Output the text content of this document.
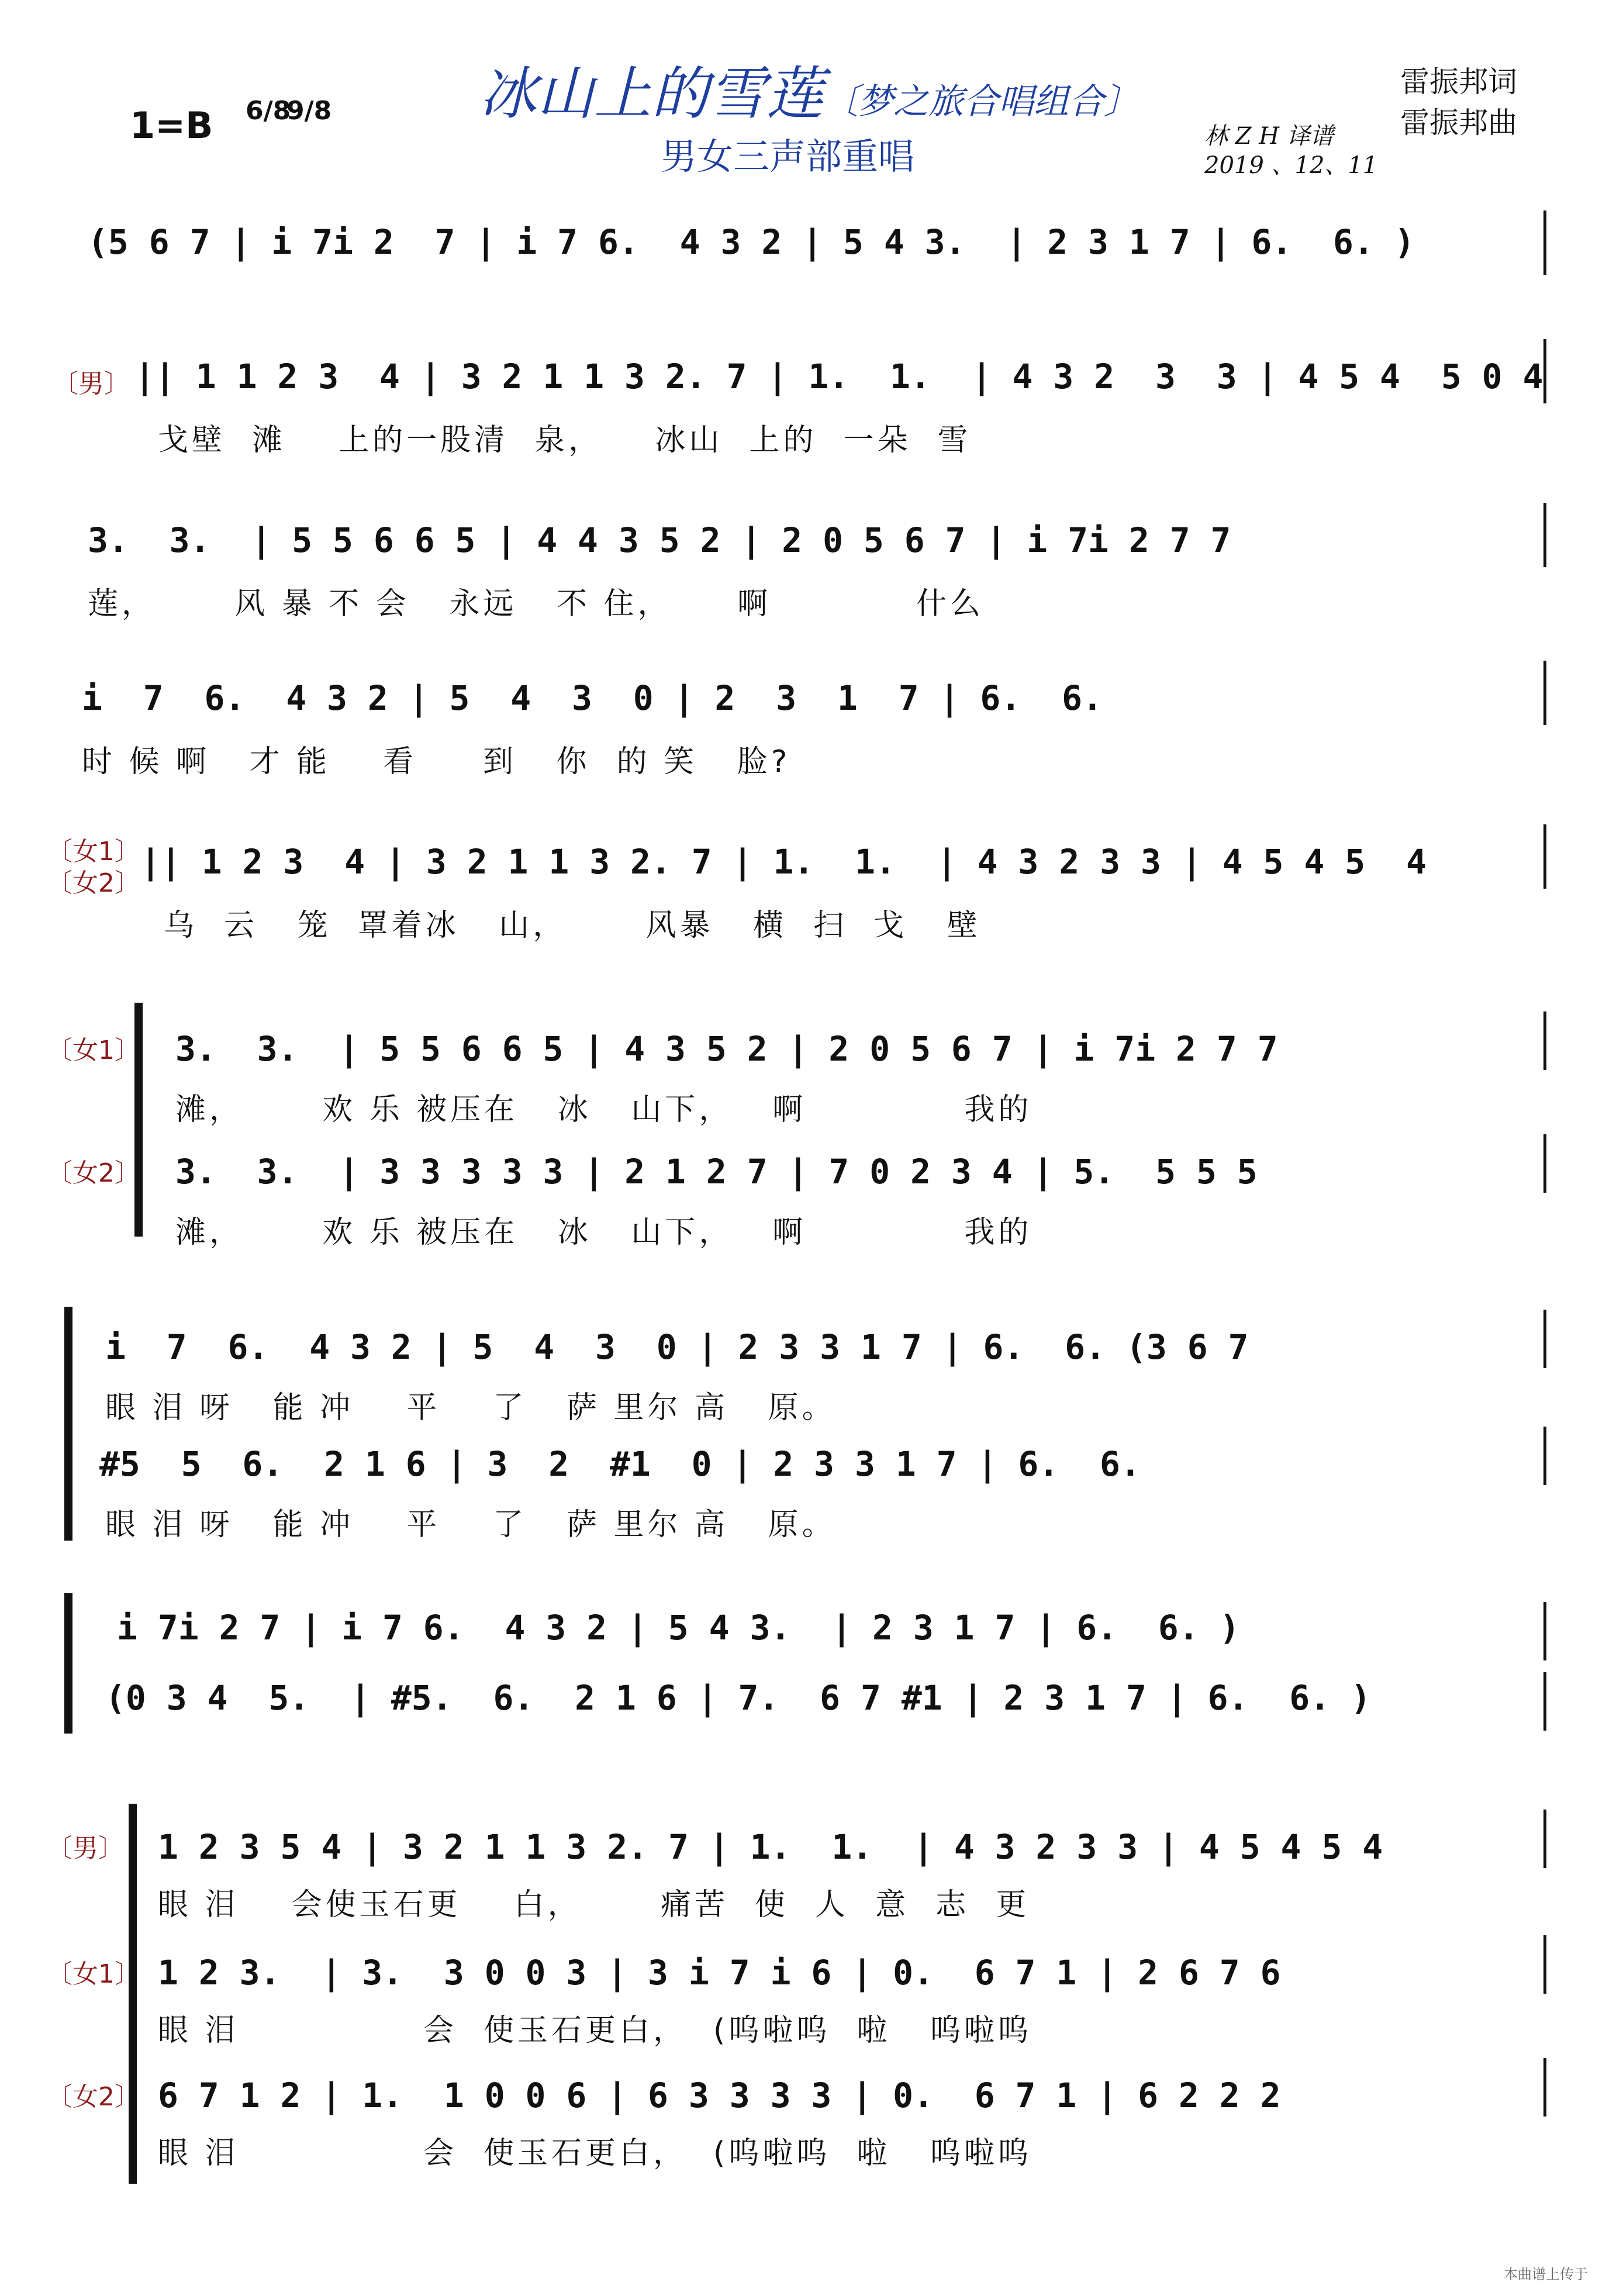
冰山上的雪莲〔梦之旅合唱组合〕
男女三声部重唱
1=B 6/8
9/8
雷振邦词
雷振邦曲
林 Z H 译谱
2019 、12、11
(5 6 7 | i 7i 2  7 | i 7 6.  4 3 2 | 5 4 3.  | 2 3 1 7 | 6.  6. )
〔男〕 || 1 1 2 3  4 | 3 2 1 1 3 2. 7 | 1.  1.  | 4 3 2  3  3 | 4 5 4  5 0 4
戈壁  滩    上的一股清  泉，    冰山  上的  一朵  雪
3.  3.  | 5 5 6 6 5 | 4 4 3 5 2 | 2 0 5 6 7 | i 7i 2 7 7
莲，      风 暴 不 会   永远   不 住，     啊           什么
i  7  6.  4 3 2 | 5  4  3  0 | 2  3  1  7 | 6.  6.
时 候 啊   才 能    看     到   你  的 笑   脸?
〔女1〕〔女2〕
|| 1 2 3  4 | 3 2 1 1 3 2. 7 | 1.  1.  | 4 3 2 3 3 | 4 5 4 5  4
乌  云   笼  罩着冰   山，      风暴   横  扫  戈   壁
〔女1〕 3.  3.  | 5 5 6 6 5 | 4 3 5 2 | 2 0 5 6 7 | i 7i 2 7 7
滩，      欢 乐 被压在   冰   山下，   啊            我的
〔女2〕 3.  3.  | 3 3 3 3 3 | 2 1 2 7 | 7 0 2 3 4 | 5.  5 5 5
滩，      欢 乐 被压在   冰   山下，   啊            我的
i  7  6.  4 3 2 | 5  4  3  0 | 2 3 3 1 7 | 6.  6. (3 6 7
眼 泪 呀   能 冲    平    了   萨 里尔 高   原。
#5  5  6.  2 1 6 | 3  2  #1  0 | 2 3 3 1 7 | 6.  6.
眼 泪 呀   能 冲    平    了   萨 里尔 高   原。
i 7i 2 7 | i 7 6.  4 3 2 | 5 4 3.  | 2 3 1 7 | 6.  6. )
(0 3 4  5.  | #5.  6.  2 1 6 | 7.  6 7 #1 | 2 3 1 7 | 6.  6. )
〔男〕 1 2 3 5 4 | 3 2 1 1 3 2. 7 | 1.  1.  | 4 3 2 3 3 | 4 5 4 5 4
眼 泪    会使玉石更    白，      痛苦  使  人  意  志  更
〔女1〕 1 2 3.  | 3.  3 0 0 3 | 3 i 7 i 6 | 0.  6 7 1 | 2 6 7 6
眼 泪              会  使玉石更白，  (呜啦呜  啦   呜啦呜
〔女2〕 6 7 1 2 | 1.  1 0 0 6 | 6 3 3 3 3 | 0.  6 7 1 | 6 2 2 2
眼 泪              会  使玉石更白，  (呜啦呜  啦   呜啦呜
本曲谱上传于
